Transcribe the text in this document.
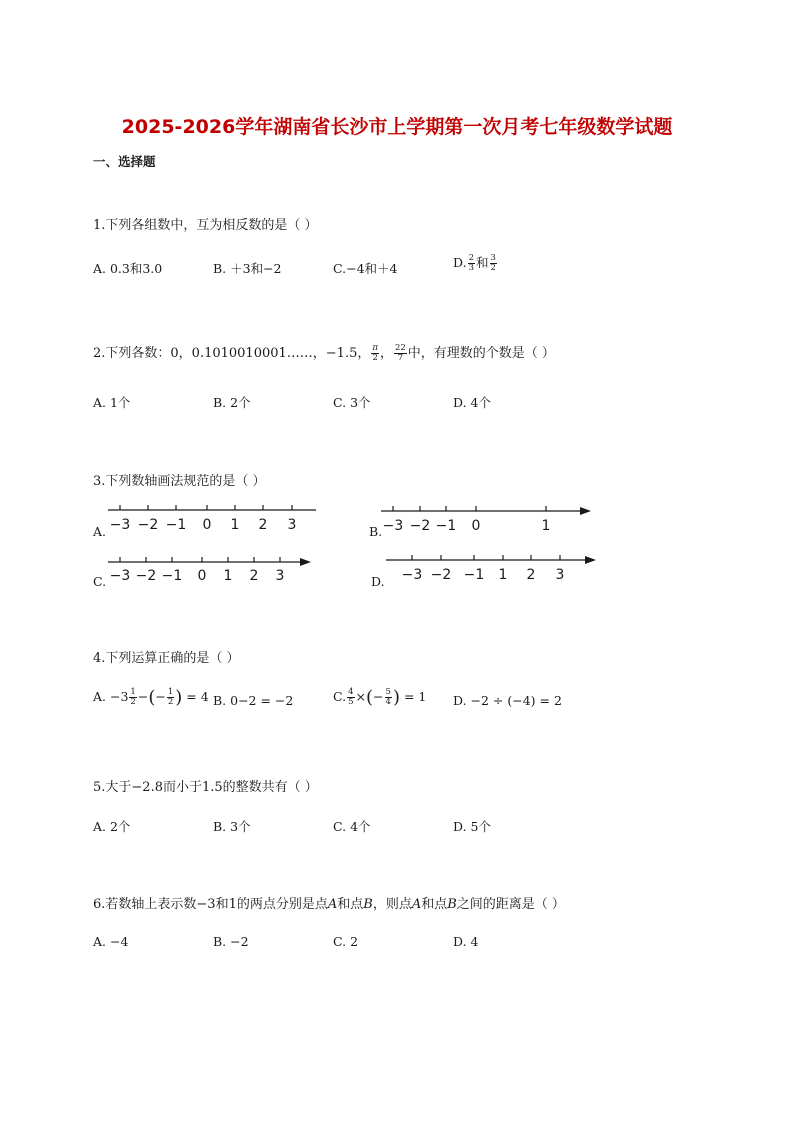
2025-2026学年湖南省长沙市上学期第一次月考七年级数学试题
一、选择题
1.下列各组数中，互为相反数的是（ ）
A. 0.3和3.0	B. ＋3和−2	C.−4和＋4	D. $\frac{2}{3}$ 和 $\frac{3}{2}$
2.下列各数：0，0.1010010001……，−1.5， $\frac{\pi}{2}$ ， $\frac{22}{7}$ 中，有理数的个数是（ ）
A. 1个	B. 2个	C. 3个	D. 4个
3.下列数轴画法规范的是（ ）
A.	B.
C.	D.
−3 −2 −1 0 1 2 3	−3 −2 −1 0	1
−3 −2 −1 0 1 2 3	−3 −2 −1 1 2 3
4.下列运算正确的是（ ）
A. $-3 \frac{1}{2}$ −(− $\frac{1}{2}$ ) = 4 B. 0−2 = −2	C. $\frac{4}{5}$ ×(− $\frac{5}{4}$ ) = 1 D. −2 ÷ (−4) = 2
5.大于−2.8而小于1.5的整数共有（ ）
A. 2个	B. 3个	C. 4个	D. 5个
6.若数轴上表示数−3和1的两点分别是点A和点B，则点A和点B之间的距离是（ ）
A. −4	B. −2	C. 2	D. 4
